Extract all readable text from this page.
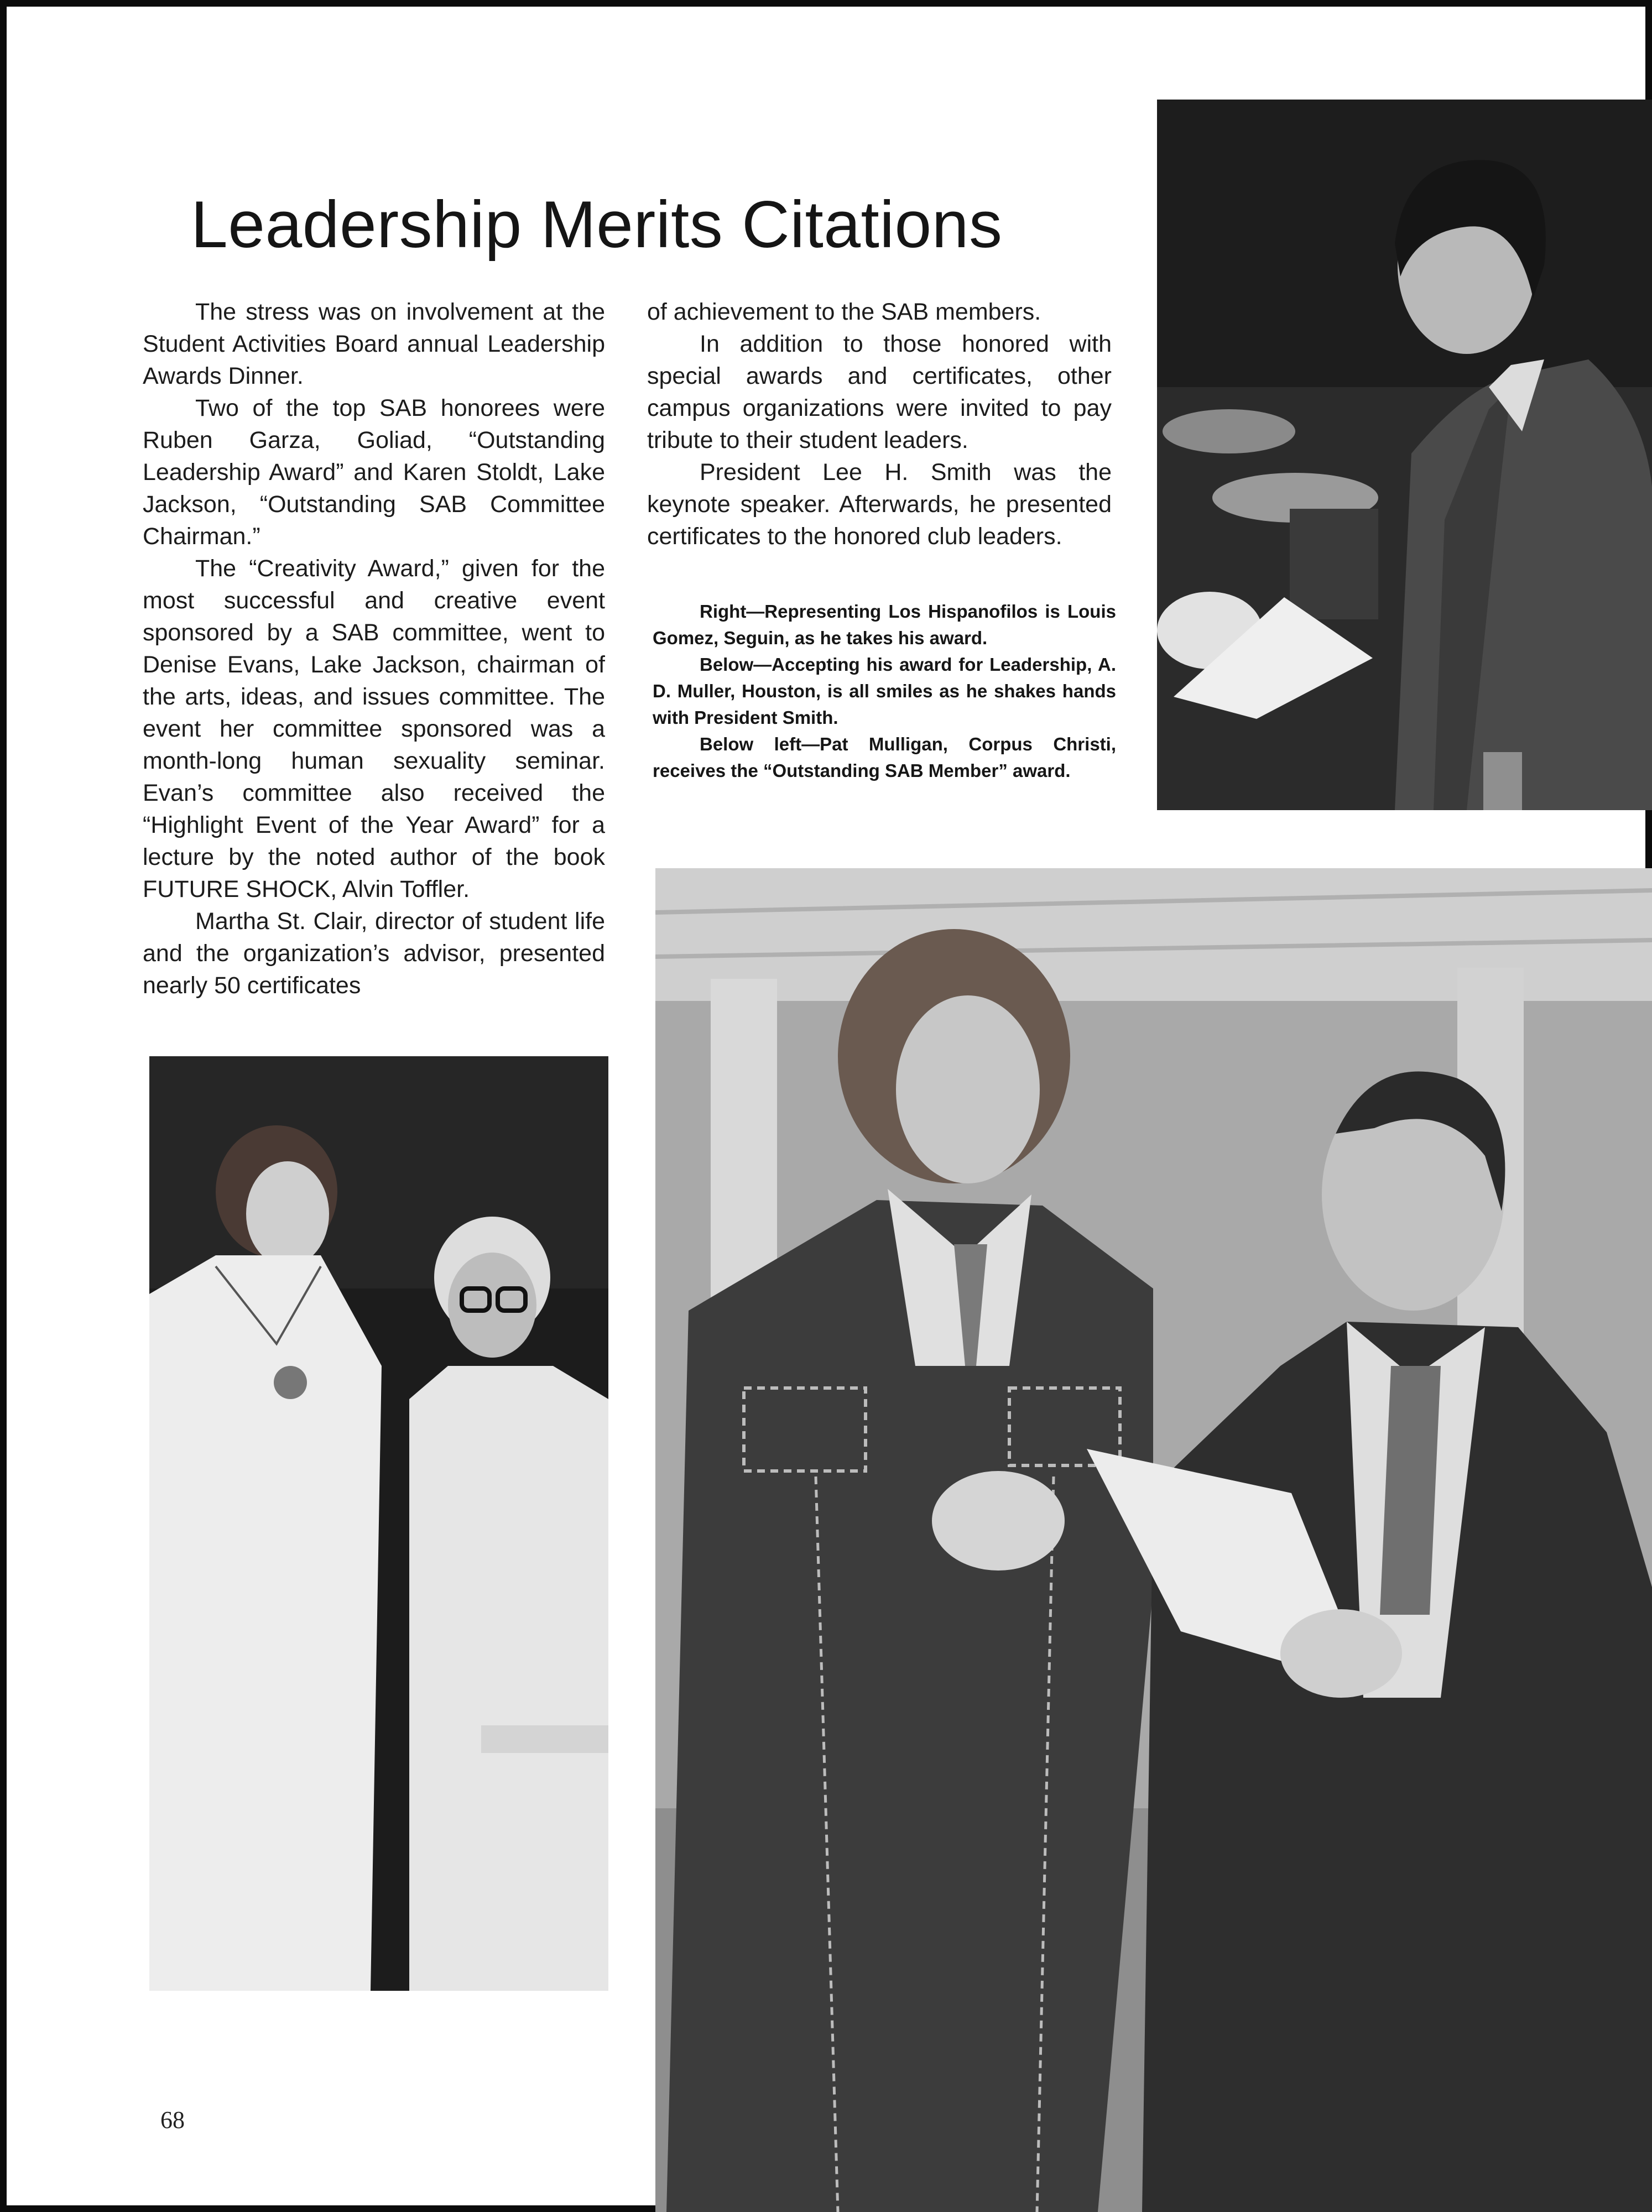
Leadership Merits Citations

The stress was on involvement at the Student Activities Board annual Leadership Awards Dinner.

Two of the top SAB honorees were Ruben Garza, Goliad, “Outstanding Leadership Award” and Karen Stoldt, Lake Jackson, “Outstanding SAB Committee Chairman.”

The “Creativity Award,” given for the most successful and creative event sponsored by a SAB committee, went to Denise Evans, Lake Jackson, chairman of the arts, ideas, and issues committee. The event her committee sponsored was a month-long human sexuality seminar. Evan’s committee also received the “Highlight Event of the Year Award” for a lecture by the noted author of the book FUTURE SHOCK, Alvin Toffler.

Martha St. Clair, director of student life and the organization’s advisor, presented nearly 50 certificates

of achievement to the SAB members.

In addition to those honored with special awards and certificates, other campus organizations were invited to pay tribute to their student leaders.

President Lee H. Smith was the keynote speaker. Afterwards, he presented certificates to the honored club leaders.

Right—Representing Los Hispanofilos is Louis Gomez, Seguin, as he takes his award.

Below—Accepting his award for Leadership, A. D. Muller, Houston, is all smiles as he shakes hands with President Smith.

Below left—Pat Mulligan, Corpus Christi, receives the “Outstanding SAB Member” award.

68
